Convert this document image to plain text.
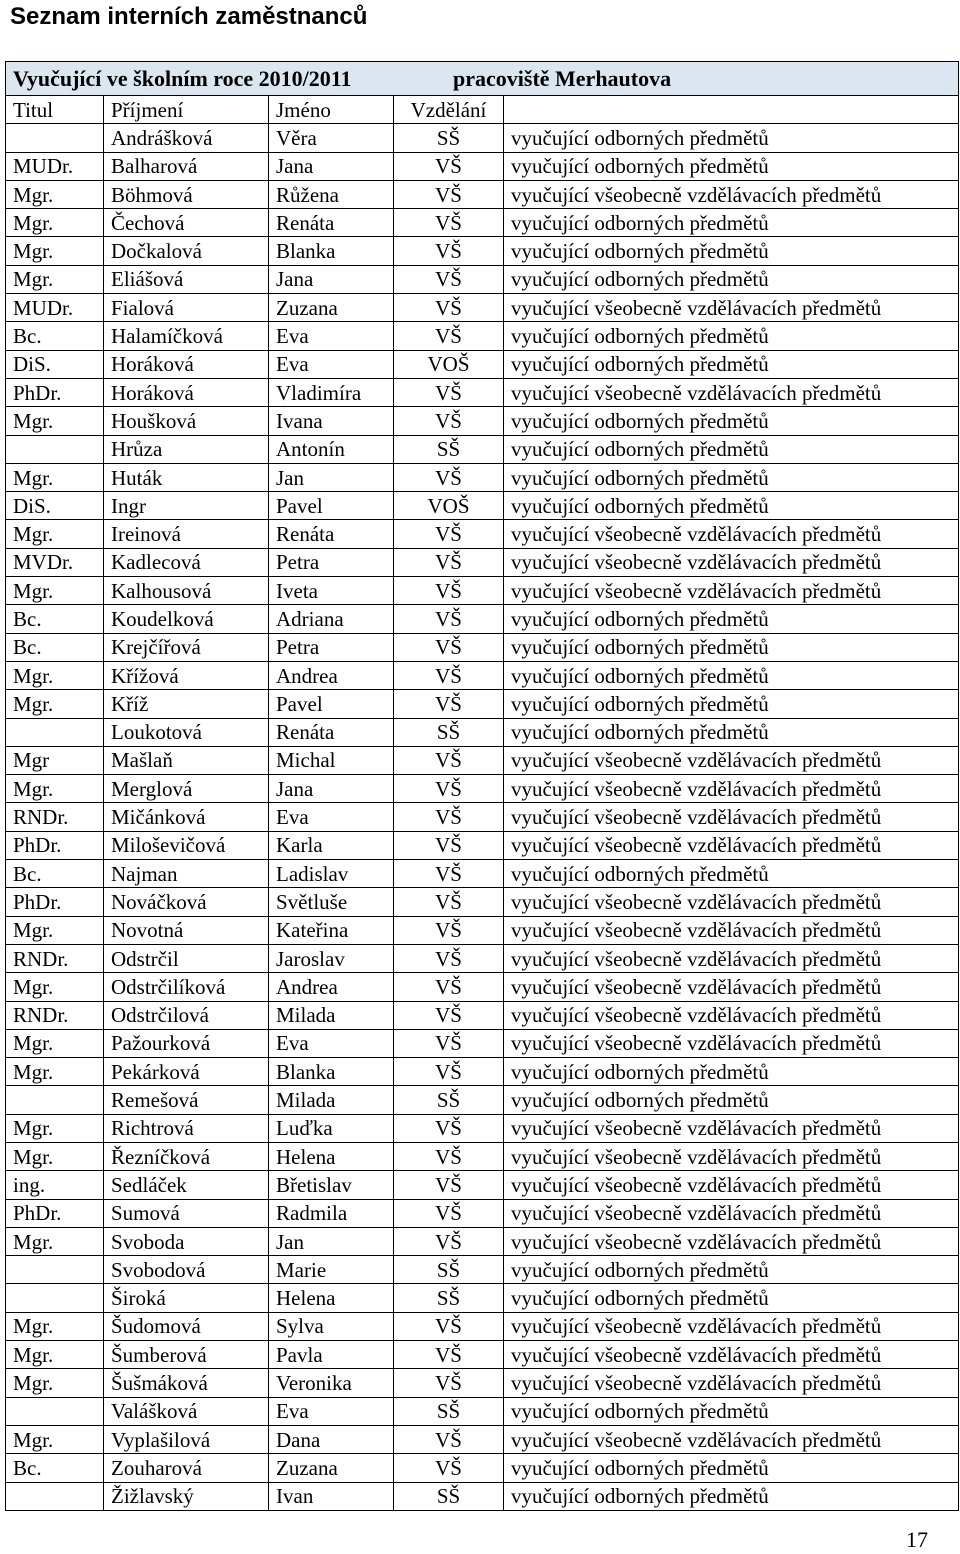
Seznam interních zaměstnanců
Vyučující ve školním roce 2010/2011 pracoviště Merhautova				
Titul	Příjmení	Jméno	Vzdělání	
	Andrášková	Věra	SŠ	vyučující odborných předmětů
MUDr.	Balharová	Jana	VŠ	vyučující odborných předmětů
Mgr.	Böhmová	Růžena	VŠ	vyučující všeobecně vzdělávacích předmětů
Mgr.	Čechová	Renáta	VŠ	vyučující odborných předmětů
Mgr.	Dočkalová	Blanka	VŠ	vyučující odborných předmětů
Mgr.	Eliášová	Jana	VŠ	vyučující odborných předmětů
MUDr.	Fialová	Zuzana	VŠ	vyučující všeobecně vzdělávacích předmětů
Bc.	Halamíčková	Eva	VŠ	vyučující odborných předmětů
DiS.	Horáková	Eva	VOŠ	vyučující odborných předmětů
PhDr.	Horáková	Vladimíra	VŠ	vyučující všeobecně vzdělávacích předmětů
Mgr.	Houšková	Ivana	VŠ	vyučující odborných předmětů
	Hrůza	Antonín	SŠ	vyučující odborných předmětů
Mgr.	Huták	Jan	VŠ	vyučující odborných předmětů
DiS.	Ingr	Pavel	VOŠ	vyučující odborných předmětů
Mgr.	Ireinová	Renáta	VŠ	vyučující všeobecně vzdělávacích předmětů
MVDr.	Kadlecová	Petra	VŠ	vyučující všeobecně vzdělávacích předmětů
Mgr.	Kalhousová	Iveta	VŠ	vyučující všeobecně vzdělávacích předmětů
Bc.	Koudelková	Adriana	VŠ	vyučující odborných předmětů
Bc.	Krejčířová	Petra	VŠ	vyučující odborných předmětů
Mgr.	Křížová	Andrea	VŠ	vyučující odborných předmětů
Mgr.	Kříž	Pavel	VŠ	vyučující odborných předmětů
	Loukotová	Renáta	SŠ	vyučující odborných předmětů
Mgr	Mašlaň	Michal	VŠ	vyučující všeobecně vzdělávacích předmětů
Mgr.	Merglová	Jana	VŠ	vyučující všeobecně vzdělávacích předmětů
RNDr.	Mičánková	Eva	VŠ	vyučující všeobecně vzdělávacích předmětů
PhDr.	Miloševičová	Karla	VŠ	vyučující všeobecně vzdělávacích předmětů
Bc.	Najman	Ladislav	VŠ	vyučující odborných předmětů
PhDr.	Nováčková	Světluše	VŠ	vyučující všeobecně vzdělávacích předmětů
Mgr.	Novotná	Kateřina	VŠ	vyučující všeobecně vzdělávacích předmětů
RNDr.	Odstrčil	Jaroslav	VŠ	vyučující všeobecně vzdělávacích předmětů
Mgr.	Odstrčilíková	Andrea	VŠ	vyučující všeobecně vzdělávacích předmětů
RNDr.	Odstrčilová	Milada	VŠ	vyučující všeobecně vzdělávacích předmětů
Mgr.	Pažourková	Eva	VŠ	vyučující všeobecně vzdělávacích předmětů
Mgr.	Pekárková	Blanka	VŠ	vyučující odborných předmětů
	Remešová	Milada	SŠ	vyučující odborných předmětů
Mgr.	Richtrová	Luďka	VŠ	vyučující všeobecně vzdělávacích předmětů
Mgr.	Řezníčková	Helena	VŠ	vyučující všeobecně vzdělávacích předmětů
ing.	Sedláček	Břetislav	VŠ	vyučující všeobecně vzdělávacích předmětů
PhDr.	Sumová	Radmila	VŠ	vyučující všeobecně vzdělávacích předmětů
Mgr.	Svoboda	Jan	VŠ	vyučující všeobecně vzdělávacích předmětů
	Svobodová	Marie	SŠ	vyučující odborných předmětů
	Široká	Helena	SŠ	vyučující odborných předmětů
Mgr.	Šudomová	Sylva	VŠ	vyučující všeobecně vzdělávacích předmětů
Mgr.	Šumberová	Pavla	VŠ	vyučující všeobecně vzdělávacích předmětů
Mgr.	Šušmáková	Veronika	VŠ	vyučující všeobecně vzdělávacích předmětů
	Valášková	Eva	SŠ	vyučující odborných předmětů
Mgr.	Vyplašilová	Dana	VŠ	vyučující všeobecně vzdělávacích předmětů
Bc.	Zouharová	Zuzana	VŠ	vyučující odborných předmětů
	Žižlavský	Ivan	SŠ	vyučující odborných předmětů
17
